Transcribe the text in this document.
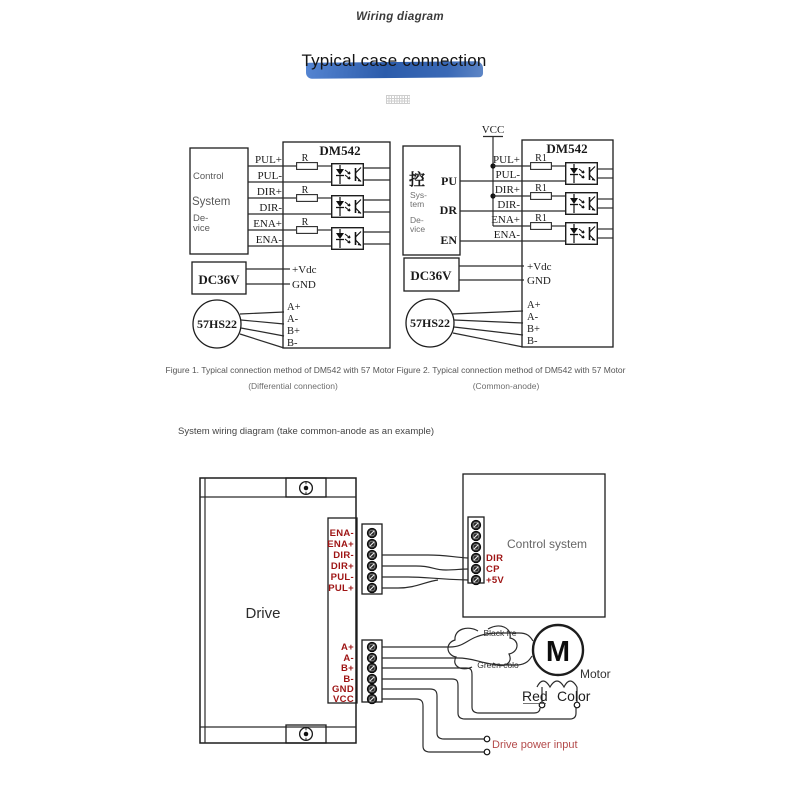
Wiring diagram
Typical case connection
Figure 1. Typical connection method of DM542 with 57 Motor
(Differential connection)
Figure 2. Typical connection method of DM542 with 57 Motor
(Common-anode)
System wiring diagram (take common-anode as an example)
Control
System
De-
vice
PUL+
PUL-
DIR+
DIR-
ENA+
ENA-
R
R
R
DM542
DC36V
+Vdc
GND
57HS22
A+
A-
B+
B-
VCC
控 PU
DR
EN
Sys-
tem
De-
vice
PUL+
PUL-
DIR+
DIR-
ENA+
ENA-
R1
R1
R1
DM542
DC36V
+Vdc
GND
57HS22
A+
A-
B+
B-
M
Motor
Drive
Control system
ENA-
ENA+
DIR-
DIR+
PUL-
PUL+
A+
A-
B+
B-
GND
VCC
DIR
CP
+5V
Black fre
Green colo
Red Color
Drive power input
